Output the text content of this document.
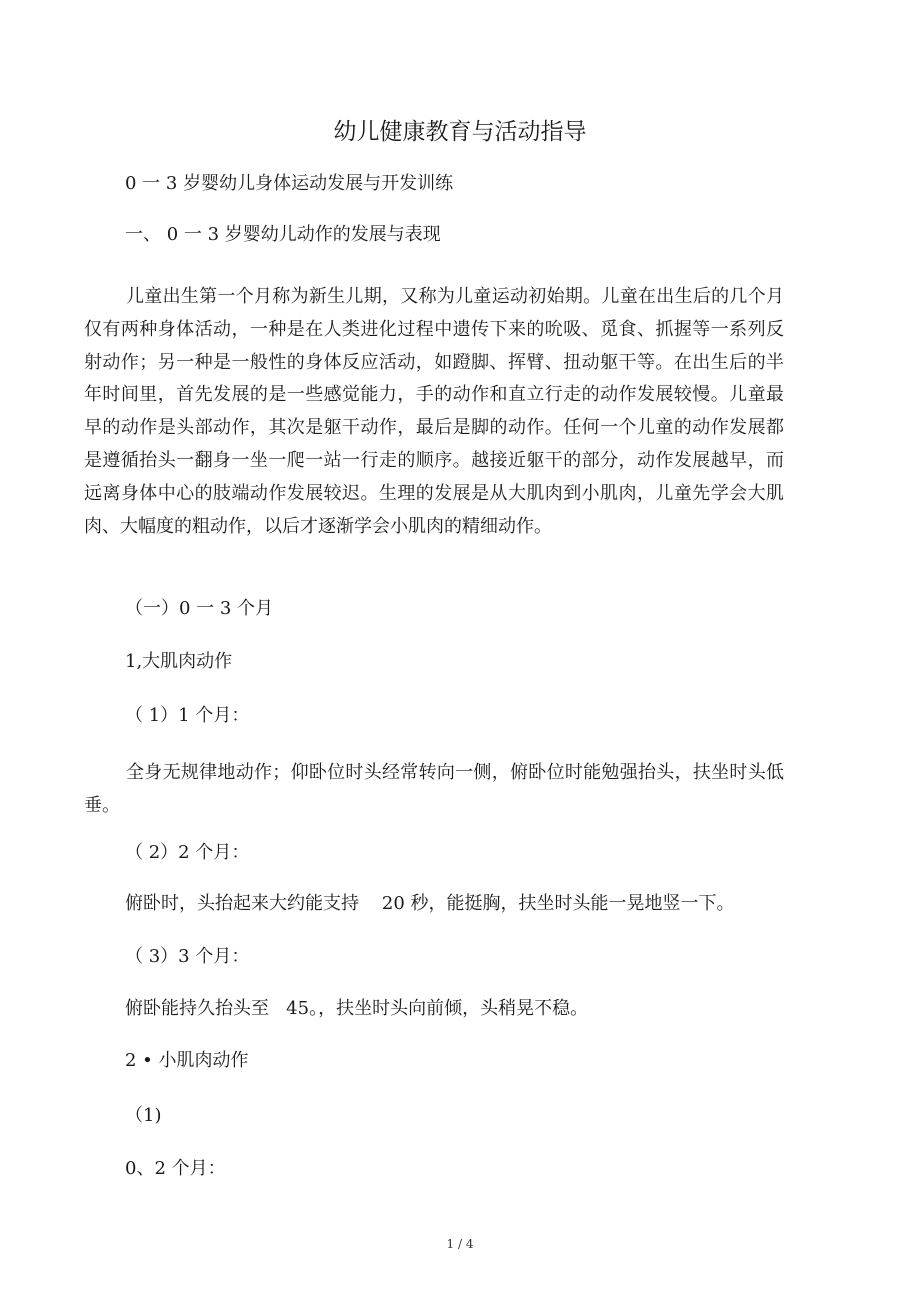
幼儿健康教育与活动指导
0 一 3 岁婴幼儿身体运动发展与开发训练
一、 0 一 3 岁婴幼儿动作的发展与表现
儿童出生第一个月称为新生儿期，又称为儿童运动初始期。儿童在出生后的几个月仅有两种身体活动，一种是在人类进化过程中遗传下来的吮吸、觅食、抓握等一系列反射动作；另一种是一般性的身体反应活动，如蹬脚、挥臂、扭动躯干等。在出生后的半年时间里，首先发展的是一些感觉能力，手的动作和直立行走的动作发展较慢。儿童最早的动作是头部动作，其次是躯干动作，最后是脚的动作。任何一个儿童的动作发展都是遵循抬头一翻身一坐一爬一站一行走的顺序。越接近躯干的部分，动作发展越早，而远离身体中心的肢端动作发展较迟。生理的发展是从大肌肉到小肌肉，儿童先学会大肌肉、大幅度的粗动作，以后才逐渐学会小肌肉的精细动作。
（一）0 一 3 个月
1,大肌肉动作
（ 1）1 个月：
全身无规律地动作；仰卧位时头经常转向一侧，俯卧位时能勉强抬头，扶坐时头低垂。
（ 2）2 个月：
俯卧时，头抬起来大约能支持    20 秒，能挺胸，扶坐时头能一晃地竖一下。
（ 3）3 个月：
俯卧能持久抬头至   45。，扶坐时头向前倾，头稍晃不稳。
2 • 小肌肉动作
（1)
0、2 个月：
1 / 4
